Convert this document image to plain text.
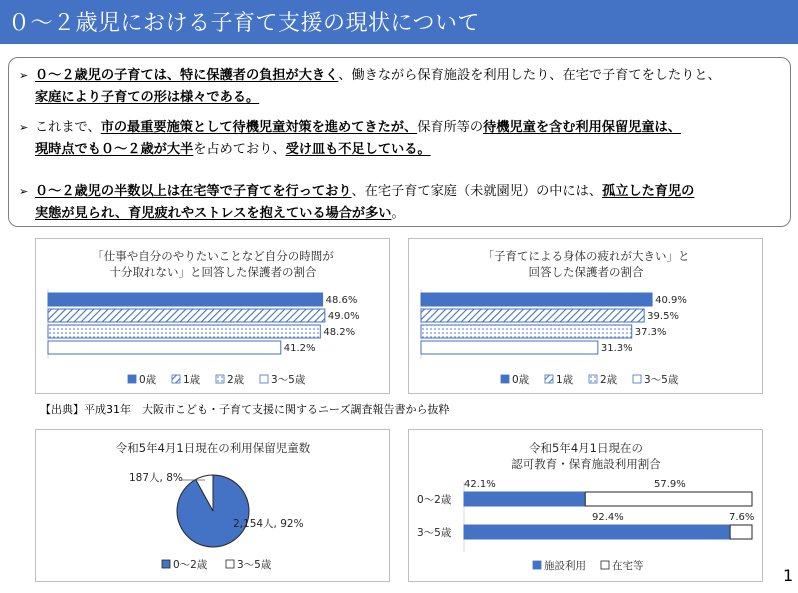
０～２歳児における子育て支援の現状について
➢ ０～２歳児の子育ては、特に保護者の負担が大きく、働きながら保育施設を利用したり、在宅で子育てをしたりと、
家庭により子育ての形は様々である。
➢ これまで、市の最重要施策として待機児童対策を進めてきたが、保育所等の待機児童を含む利用保留児童は、
現時点でも０～２歳が大半を占めており、受け皿も不足している。
➢ ０～２歳児の半数以上は在宅等で子育てを行っており、在宅子育て家庭（未就園児）の中には、孤立した育児の
実態が見られ、育児疲れやストレスを抱えている場合が多い。
「仕事や自分のやりたいことなど自分の時間が
十分取れない」と回答した保護者の割合
48.6%
49.0%
48.2%
41.2%
0歳	1歳	2歳	3～5歳
「子育てによる身体の疲れが大きい」と
回答した保護者の割合
40.9%
39.5%
37.3%
31.3%
0歳	1歳	2歳	3～5歳
【出典】平成31年　大阪市こども・子育て支援に関するニーズ調査報告書から抜粋
令和5年4月1日現在の利用保留児童数
2,154人, 92%
187人, 8%
0～2歳	3～5歳
令和5年4月1日現在の
認可教育・保育施設利用割合
0～2歳
3～5歳
42.1%	57.9%
92.4%	7.6%
施設利用 在宅等	1
